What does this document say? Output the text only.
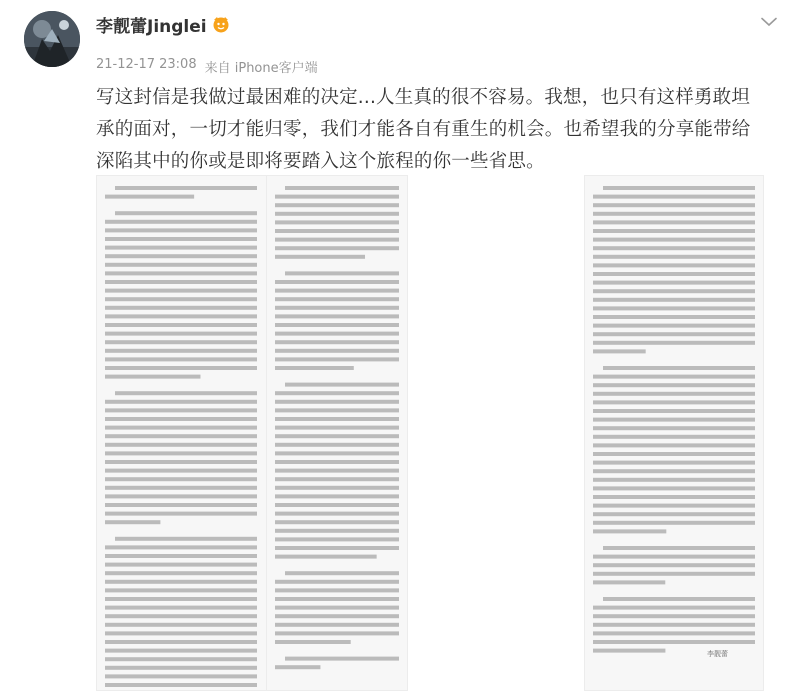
李靓蕾Jinglei
21-12-17 23:08 来自 iPhone客户端
写这封信是我做过最困难的决定...人生真的很不容易。我想，也只有这样勇敢坦承的面对，一切才能归零，我们才能各自有重生的机会。也希望我的分享能带给深陷其中的你或是即将要踏入这个旅程的你一些省思。
李靓蕾
